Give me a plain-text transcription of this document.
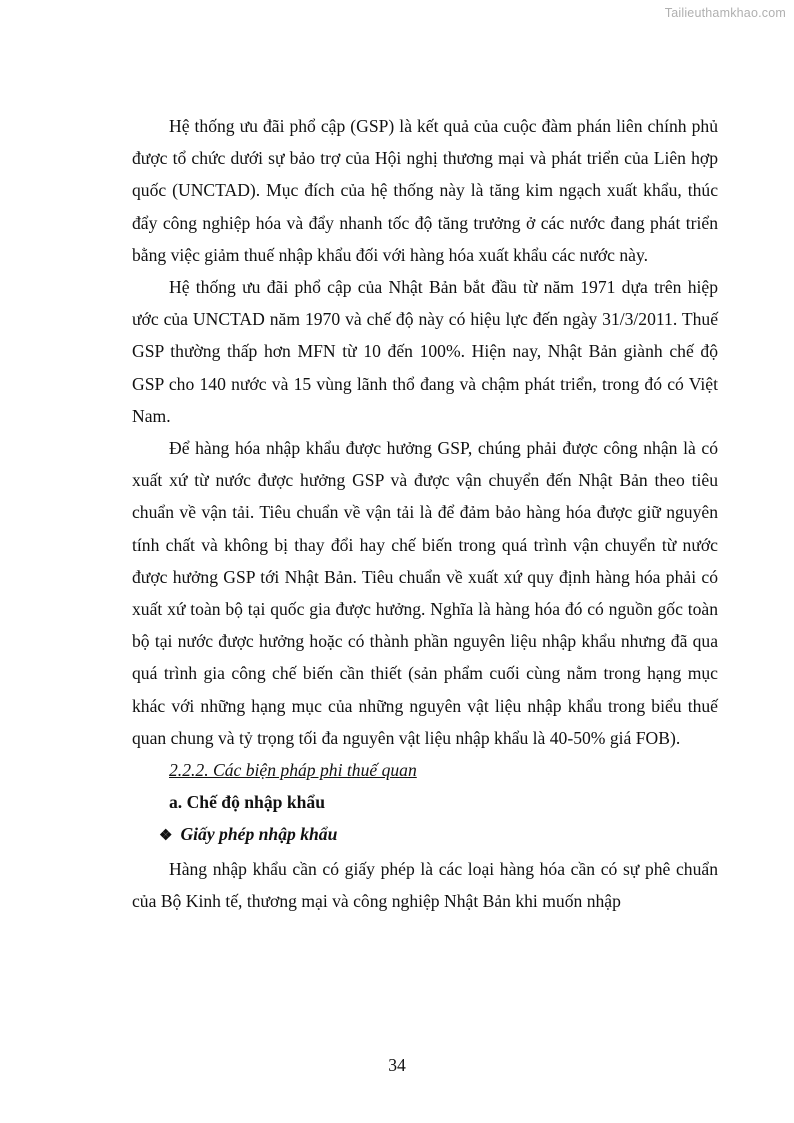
Tailieuthamkhao.com

Hệ thống ưu đãi phổ cập (GSP) là kết quả của cuộc đàm phán liên chính phủ được tổ chức dưới sự bảo trợ của Hội nghị thương mại và phát triển của Liên hợp quốc (UNCTAD). Mục đích của hệ thống này là tăng kim ngạch xuất khẩu, thúc đẩy công nghiệp hóa và đẩy nhanh tốc độ tăng trưởng ở các nước đang phát triển bằng việc giảm thuế nhập khẩu đối với hàng hóa xuất khẩu các nước này.

Hệ thống ưu đãi phổ cập của Nhật Bản bắt đầu từ năm 1971 dựa trên hiệp ước của UNCTAD năm 1970 và chế độ này có hiệu lực đến ngày 31/3/2011. Thuế GSP thường thấp hơn MFN từ 10 đến 100%. Hiện nay, Nhật Bản giành chế độ GSP cho 140 nước và 15 vùng lãnh thổ đang và chậm phát triển, trong đó có Việt Nam.

Để hàng hóa nhập khẩu được hưởng GSP, chúng phải được công nhận là có xuất xứ từ nước được hưởng GSP và được vận chuyển đến Nhật Bản theo tiêu chuẩn về vận tải. Tiêu chuẩn về vận tải là để đảm bảo hàng hóa được giữ nguyên tính chất và không bị thay đổi hay chế biến trong quá trình vận chuyển từ nước được hưởng GSP tới Nhật Bản. Tiêu chuẩn về xuất xứ quy định hàng hóa phải có xuất xứ toàn bộ tại quốc gia được hưởng. Nghĩa là hàng hóa đó có nguồn gốc toàn bộ tại nước được hưởng hoặc có thành phần nguyên liệu nhập khẩu nhưng đã qua quá trình gia công chế biến cần thiết (sản phẩm cuối cùng nằm trong hạng mục khác với những hạng mục của những nguyên vật liệu nhập khẩu trong biểu thuế quan chung và tỷ trọng tối đa nguyên vật liệu nhập khẩu là 40-50% giá FOB).

2.2.2. Các biện pháp phi thuế quan

a. Chế độ nhập khẩu

❖ Giấy phép nhập khẩu

Hàng nhập khẩu cần có giấy phép là các loại hàng hóa cần có sự phê chuẩn của Bộ Kinh tế, thương mại và công nghiệp Nhật Bản khi muốn nhập

34
